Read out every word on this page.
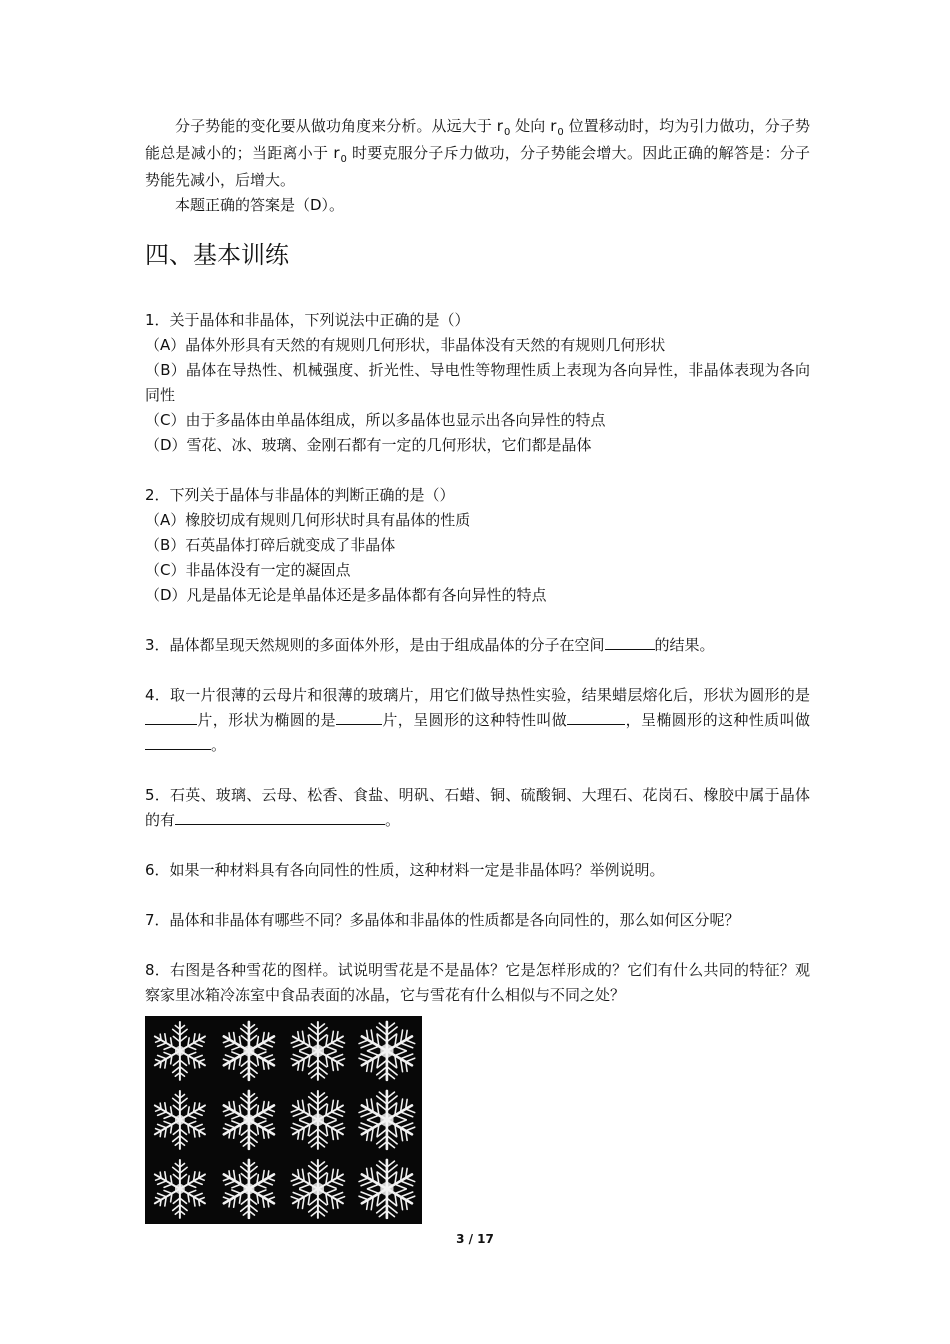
分子势能的变化要从做功角度来分析。从远大于 $r_0$ 处向 $r_0$ 位置移动时，均为引力做功，分子势能总是减小的；当距离小于 $r_0$ 时要克服分子斥力做功，分子势能会增大。因此正确的解答是：分子势能先减小，后增大。

本题正确的答案是（D）。

四、基本训练

1．关于晶体和非晶体，下列说法中正确的是（）

（A）晶体外形具有天然的有规则几何形状，非晶体没有天然的有规则几何形状

（B）晶体在导热性、机械强度、折光性、导电性等物理性质上表现为各向异性，非晶体表现为各向同性

（C）由于多晶体由单晶体组成，所以多晶体也显示出各向异性的特点

（D）雪花、冰、玻璃、金刚石都有一定的几何形状，它们都是晶体

2．下列关于晶体与非晶体的判断正确的是（）

（A）橡胶切成有规则几何形状时具有晶体的性质

（B）石英晶体打碎后就变成了非晶体

（C）非晶体没有一定的凝固点

（D）凡是晶体无论是单晶体还是多晶体都有各向异性的特点

3．晶体都呈现天然规则的多面体外形，是由于组成晶体的分子在空间	的结果。

4．取一片很薄的云母片和很薄的玻璃片，用它们做导热性实验，结果蜡层熔化后，形状为圆形的是片，形状为椭圆的是	片，呈圆形的这种特性叫做	，呈椭圆形的这种性质叫做。

5．石英、玻璃、云母、松香、食盐、明矾、石蜡、铜、硫酸铜、大理石、花岗石、橡胶中属于晶体的有	。

6．如果一种材料具有各向同性的性质，这种材料一定是非晶体吗？举例说明。

7．晶体和非晶体有哪些不同？多晶体和非晶体的性质都是各向同性的，那么如何区分呢？

8．右图是各种雪花的图样。试说明雪花是不是晶体？它是怎样形成的？它们有什么共同的特征？观察家里冰箱冷冻室中食品表面的冰晶，它与雪花有什么相似与不同之处？

3 / 17
